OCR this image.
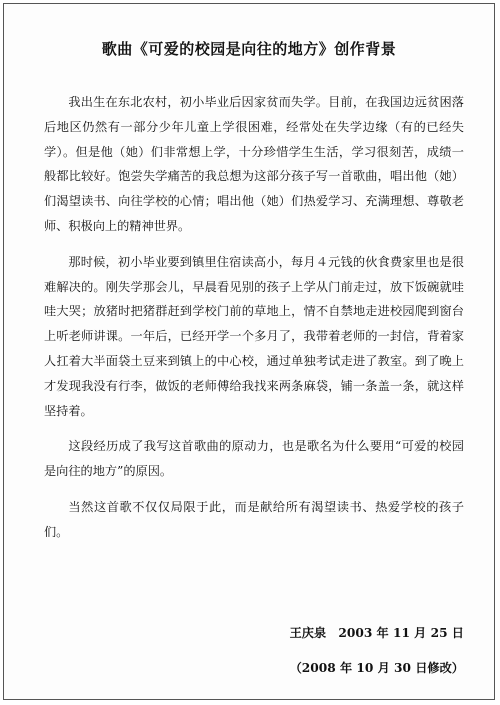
歌曲《可爱的校园是向往的地方》创作背景

我出生在东北农村，初小毕业后因家贫而失学。目前，在我国边远贫困落后地区仍然有一部分少年儿童上学很困难，经常处在失学边缘（有的已经失学）。但是他（她）们非常想上学，十分珍惜学生生活，学习很刻苦，成绩一般都比较好。饱尝失学痛苦的我总想为这部分孩子写一首歌曲，唱出他（她）们渴望读书、向往学校的心情；唱出他（她）们热爱学习、充满理想、尊敬老师、积极向上的精神世界。

那时候，初小毕业要到镇里住宿读高小，每月４元钱的伙食费家里也是很难解决的。刚失学那会儿，早晨看见别的孩子上学从门前走过，放下饭碗就哇哇大哭；放猪时把猪群赶到学校门前的草地上，情不自禁地走进校园爬到窗台上听老师讲课。一年后，已经开学一个多月了，我带着老师的一封信，背着家人扛着大半面袋土豆来到镇上的中心校，通过单独考试走进了教室。到了晚上才发现我没有行李，做饭的老师傅给我找来两条麻袋，铺一条盖一条，就这样坚持着。

这段经历成了我写这首歌曲的原动力，也是歌名为什么要用“可爱的校园是向往的地方”的原因。

当然这首歌不仅仅局限于此，而是献给所有渴望读书、热爱学校的孩子们。

王庆泉　2003 年 11 月 25 日
（2008 年 10 月 30 日修改）
